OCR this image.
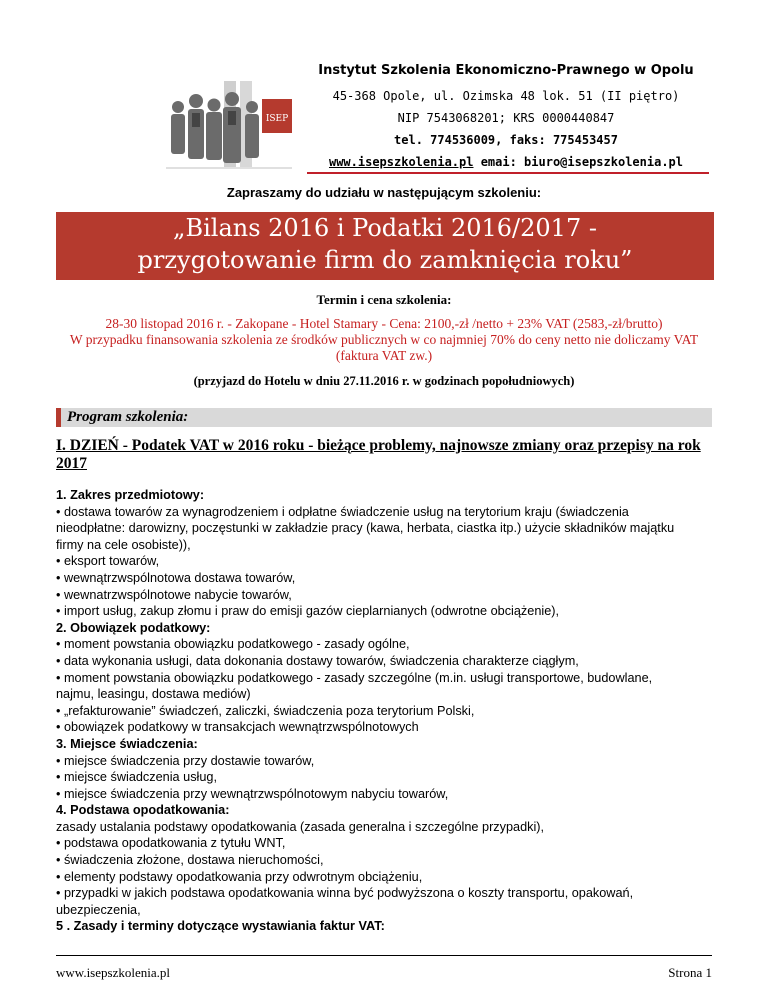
ISEP
Instytut Szkolenia Ekonomiczno-Prawnego w Opolu
45-368 Opole, ul. Ozimska 48 lok. 51 (II piętro)
NIP 7543068201; KRS 0000440847
tel. 774536009, faks: 775453457
www.isepszkolenia.pl emai: biuro@isepszkolenia.pl
Zapraszamy do udziału w następującym szkoleniu:
„Bilans 2016 i Podatki 2016/2017 -
przygotowanie firm do zamknięcia roku”
Termin i cena szkolenia:
28-30 listopad 2016 r. - Zakopane - Hotel Stamary - Cena: 2100,-zł /netto + 23% VAT (2583,-zł/brutto)
W przypadku finansowania szkolenia ze środków publicznych w co najmniej 70% do ceny netto nie doliczamy VAT
(faktura VAT zw.)
(przyjazd do Hotelu w dniu 27.11.2016 r. w godzinach popołudniowych)
Program szkolenia:
I. DZIEŃ - Podatek VAT w 2016 roku - bieżące problemy, najnowsze zmiany oraz przepisy na rok 2017
1. Zakres przedmiotowy:
• dostawa towarów za wynagrodzeniem i odpłatne świadczenie usług na terytorium kraju (świadczenia
nieodpłatne: darowizny, poczęstunki w zakładzie pracy (kawa, herbata, ciastka itp.) użycie składników majątku
firmy na cele osobiste)),
• eksport towarów,
• wewnątrzwspólnotowa dostawa towarów,
• wewnatrzwspólnotowe nabycie towarów,
• import usług, zakup złomu i praw do emisji gazów cieplarnianych (odwrotne obciążenie),
2. Obowiązek podatkowy:
• moment powstania obowiązku podatkowego - zasady ogólne,
• data wykonania usługi, data dokonania dostawy towarów, świadczenia charakterze ciągłym,
• moment powstania obowiązku podatkowego - zasady szczególne (m.in. usługi transportowe, budowlane,
najmu, leasingu, dostawa mediów)
• „refakturowanie” świadczeń, zaliczki, świadczenia poza terytorium Polski,
• obowiązek podatkowy w transakcjach wewnątrzwspólnotowych
3. Miejsce świadczenia:
• miejsce świadczenia przy dostawie towarów,
• miejsce świadczenia usług,
• miejsce świadczenia przy wewnątrzwspólnotowym nabyciu towarów,
4. Podstawa opodatkowania:
zasady ustalania podstawy opodatkowania (zasada generalna i szczególne przypadki),
• podstawa opodatkowania z tytułu WNT,
• świadczenia złożone, dostawa nieruchomości,
• elementy podstawy opodatkowania przy odwrotnym obciążeniu,
• przypadki w jakich podstawa opodatkowania winna być podwyższona o koszty transportu, opakowań,
ubezpieczenia,
5 . Zasady i terminy dotyczące wystawiania faktur VAT:
www.isepszkolenia.pl	Strona 1
